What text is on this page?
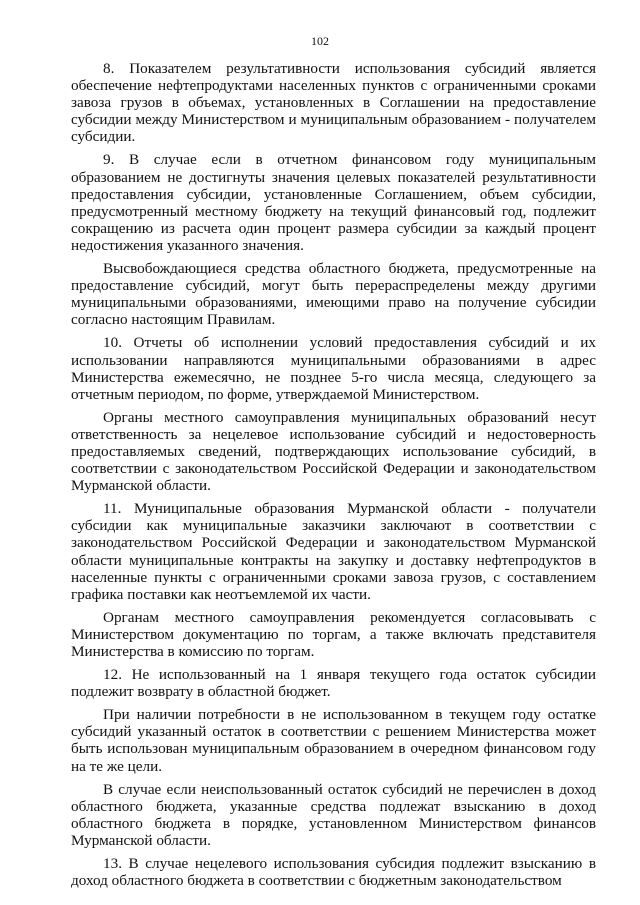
102

8. Показателем результативности использования субсидий является обеспечение нефтепродуктами населенных пунктов с ограниченными сроками завоза грузов в объемах, установленных в Соглашении на предоставление субсидии между Министерством и муниципальным образованием - получателем субсидии.

9. В случае если в отчетном финансовом году муниципальным образованием не достигнуты значения целевых показателей результативности предоставления субсидии, установленные Соглашением, объем субсидии, предусмотренный местному бюджету на текущий финансовый год, подлежит сокращению из расчета один процент размера субсидии за каждый процент недостижения указанного значения.

Высвобождающиеся средства областного бюджета, предусмотренные на предоставление субсидий, могут быть перераспределены между другими муниципальными образованиями, имеющими право на получение субсидии согласно настоящим Правилам.

10. Отчеты об исполнении условий предоставления субсидий и их использовании направляются муниципальными образованиями в адрес Министерства ежемесячно, не позднее 5-го числа месяца, следующего за отчетным периодом, по форме, утверждаемой Министерством.

Органы местного самоуправления муниципальных образований несут ответственность за нецелевое использование субсидий и недостоверность предоставляемых сведений, подтверждающих использование субсидий, в соответствии с законодательством Российской Федерации и законодательством Мурманской области.

11. Муниципальные образования Мурманской области - получатели субсидии как муниципальные заказчики заключают в соответствии с законодательством Российской Федерации и законодательством Мурманской области муниципальные контракты на закупку и доставку нефтепродуктов в населенные пункты с ограниченными сроками завоза грузов, с составлением графика поставки как неотъемлемой их части.

Органам местного самоуправления рекомендуется согласовывать с Министерством документацию по торгам, а также включать представителя Министерства в комиссию по торгам.

12. Не использованный на 1 января текущего года остаток субсидии подлежит возврату в областной бюджет.

При наличии потребности в не использованном в текущем году остатке субсидий указанный остаток в соответствии с решением Министерства может быть использован муниципальным образованием в очередном финансовом году на те же цели.

В случае если неиспользованный остаток субсидий не перечислен в доход областного бюджета, указанные средства подлежат взысканию в доход областного бюджета в порядке, установленном Министерством финансов Мурманской области.

13. В случае нецелевого использования субсидия подлежит взысканию в доход областного бюджета в соответствии с бюджетным законодательством
